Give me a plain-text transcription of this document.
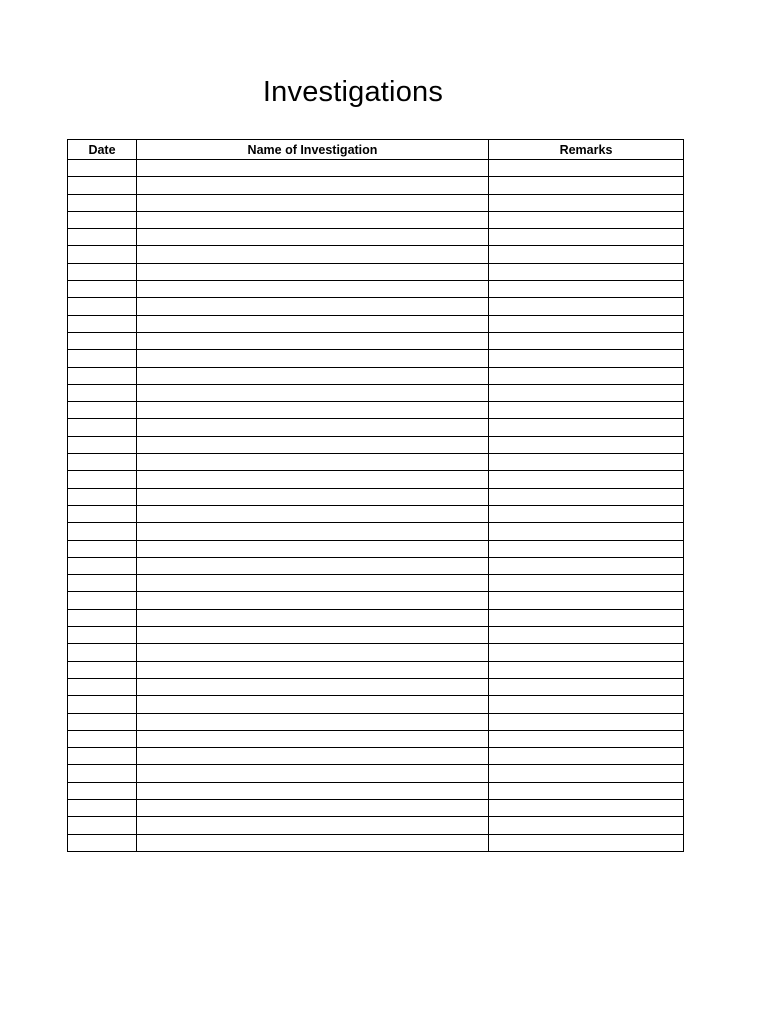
Investigations
Date	Name of Investigation	Remarks
